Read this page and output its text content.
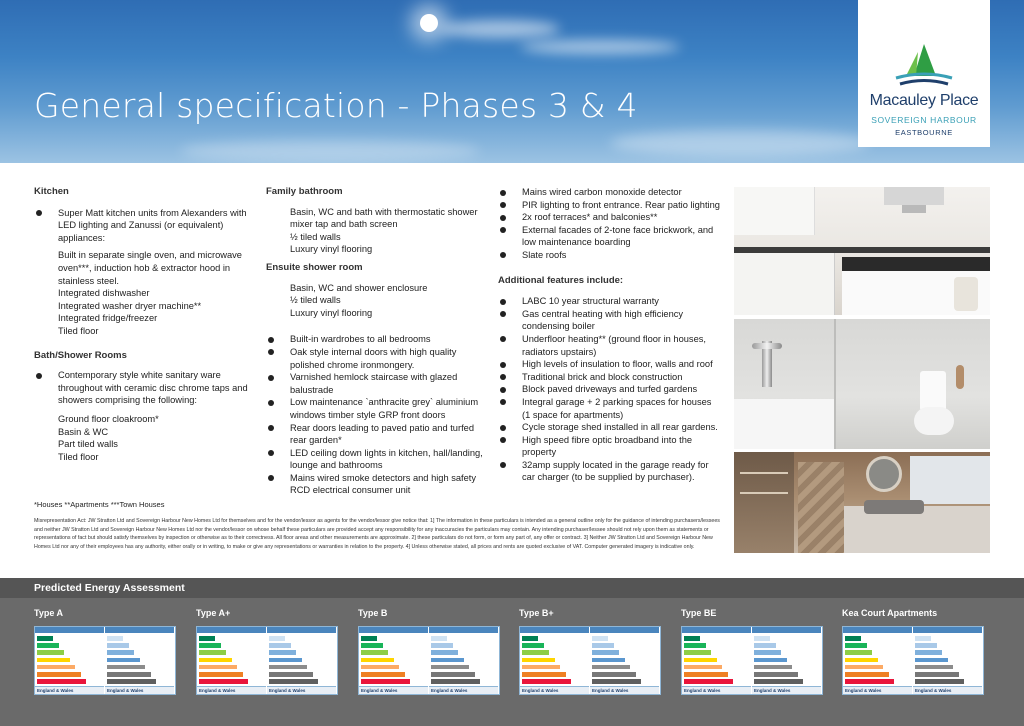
General specification - Phases 3 & 4	Macauley Place
SOVEREIGN HARBOUR
EASTBOURNE
Kitchen
Super Matt kitchen units from Alexanders with LED lighting and Zanussi (or equivalent) appliances:
Built in separate single oven, and microwave oven***, induction hob & extractor hood in stainless steel.
Integrated dishwasher
Integrated washer dryer machine**
Integrated fridge/freezer
Tiled floor
Bath/Shower Rooms
Contemporary style white sanitary ware throughout with ceramic disc chrome taps and showers comprising the following:
Ground floor cloakroom*
Basin & WC
Part tiled walls
Tiled floor
Family bathroom
Basin, WC and bath with thermostatic shower mixer tap and bath screen
½ tiled walls
Luxury vinyl flooring
Ensuite shower room
Basin, WC and shower enclosure
½ tiled walls
Luxury vinyl flooring
Built-in wardrobes to all bedrooms
Oak style internal doors with high quality polished chrome ironmongery.
Varnished hemlock staircase with glazed balustrade
Low maintenance `anthracite grey` aluminium windows timber style GRP front doors
Rear doors leading to paved patio and turfed rear garden*
LED ceiling down lights in kitchen, hall/landing, lounge and bathrooms
Mains wired smoke detectors and high safety RCD electrical consumer unit
Mains wired carbon monoxide detector
PIR lighting to front entrance. Rear patio lighting
2x roof terraces* and balconies**
External facades of 2-tone face brickwork, and low maintenance boarding
Slate roofs
Additional features include:
LABC 10 year structural warranty
Gas central heating with high efficiency condensing boiler
Underfloor heating** (ground floor in houses, radiators upstairs)
High levels of insulation to floor, walls and roof
Traditional brick and block construction
Block paved driveways and turfed gardens
Integral garage + 2 parking spaces for houses (1 space for apartments)
Cycle storage shed installed in all rear gardens.
High speed fibre optic broadband into the property
32amp supply located in the garage ready for car charger (to be supplied by purchaser).
*Houses **Apartments ***Town Houses
Misrepresentation Act: JW Stratton Ltd and Sovereign Harbour New Homes Ltd for themselves and for the vendor/lessor as agents for the vendor/lessor give notice that: 1] The information in these particulars is intended as a general outline only for the guidance of intending purchasers/lessees and neither JW Stratton Ltd and Sovereign Harbour New Homes Ltd nor the vendor/lessor on whose behalf these particulars are provided accept any responsibility for any inaccuracies the particulars may contain. Any intending purchaser/lessee should not rely upon them as statements or representations of fact but should satisfy themselves by inspection or otherwise as to their correctness. All floor areas and other measurements are approximate. 2] these particulars do not form, or form any part of, any offer or contract. 3] Neither JW Stratton Ltd and Sovereign Harbour New Homes Ltd nor any of their employees has any authority, either orally or in writing, to make or give any representations or warranties in relation to the property. 4] Unless otherwise stated, all prices and rents are quoted exclusive of VAT. Computer generated imagery is indicative only.
Predicted Energy Assessment
Type A	Type A+	Type B	Type B+	Type BE	Kea Court Apartments
England & Wales	England & Wales	England & Wales	England & Wales	England & Wales	England & Wales	England & Wales	England & Wales	England & Wales	England & Wales	England & Wales	England & Wales
